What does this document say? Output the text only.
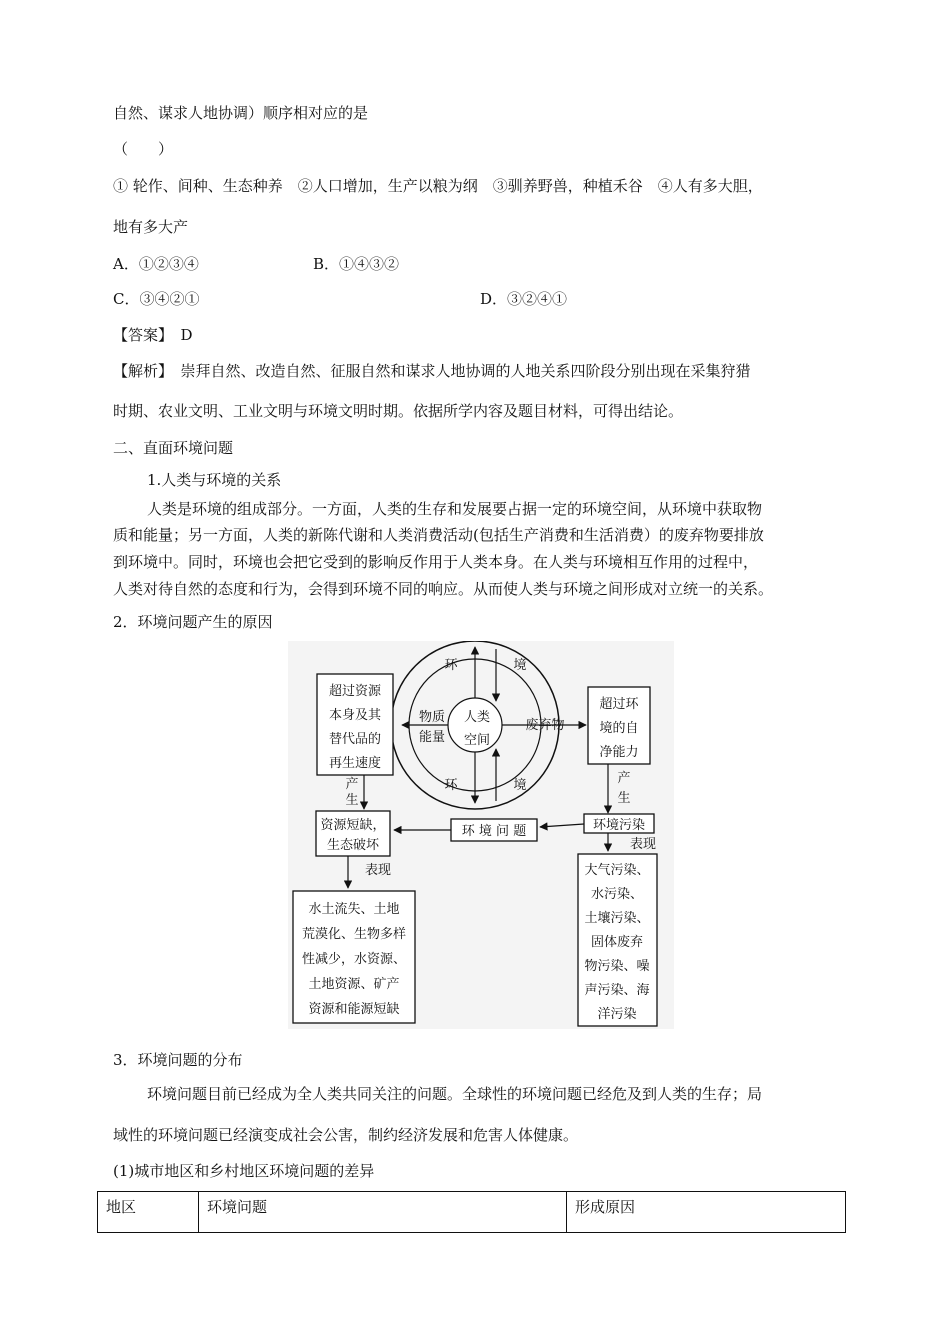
自然、谋求人地协调）顺序相对应的是
（　　）
① 轮作、间种、生态种养　②人口增加，生产以粮为纲　③驯养野兽，种植禾谷　④人有多大胆，
地有多大产
A．①②③④	B．①④③②
C．③④②①	D．③②④①
【答案】　D
【解析】　崇拜自然、改造自然、征服自然和谋求人地协调的人地关系四阶段分别出现在采集狩猎
时期、农业文明、工业文明与环境文明时期。依据所学内容及题目材料，可得出结论。
二、直面环境问题
1.人类与环境的关系
人类是环境的组成部分。一方面，人类的生存和发展要占据一定的环境空间，从环境中获取物
质和能量；另一方面，人类的新陈代谢和人类消费活动(包括生产消费和生活消费）的废弃物要排放
到环境中。同时，环境也会把它受到的影响反作用于人类本身。在人类与环境相互作用的过程中，
人类对待自然的态度和行为，会得到环境不同的响应。从而使人类与环境之间形成对立统一的关系。
2．环境问题产生的原因
环	境
环	境
人类
空间
物质
能量
废弃物
超过资源
本身及其
替代品的
再生速度
超过环
境的自
净能力
产
生
产
生
资源短缺，
生态破坏
环 境 问 题	环境污染
表现
表现
水土流失、土地
荒漠化、生物多样
性减少，水资源、
土地资源、矿产
资源和能源短缺
大气污染、
水污染、
土壤污染、
固体废弃
物污染、噪
声污染、海
洋污染
3．环境问题的分布
环境问题目前已经成为全人类共同关注的问题。全球性的环境问题已经危及到人类的生存；局
域性的环境问题已经演变成社会公害，制约经济发展和危害人体健康。
(1)城市地区和乡村地区环境问题的差异
地区	环境问题	形成原因
